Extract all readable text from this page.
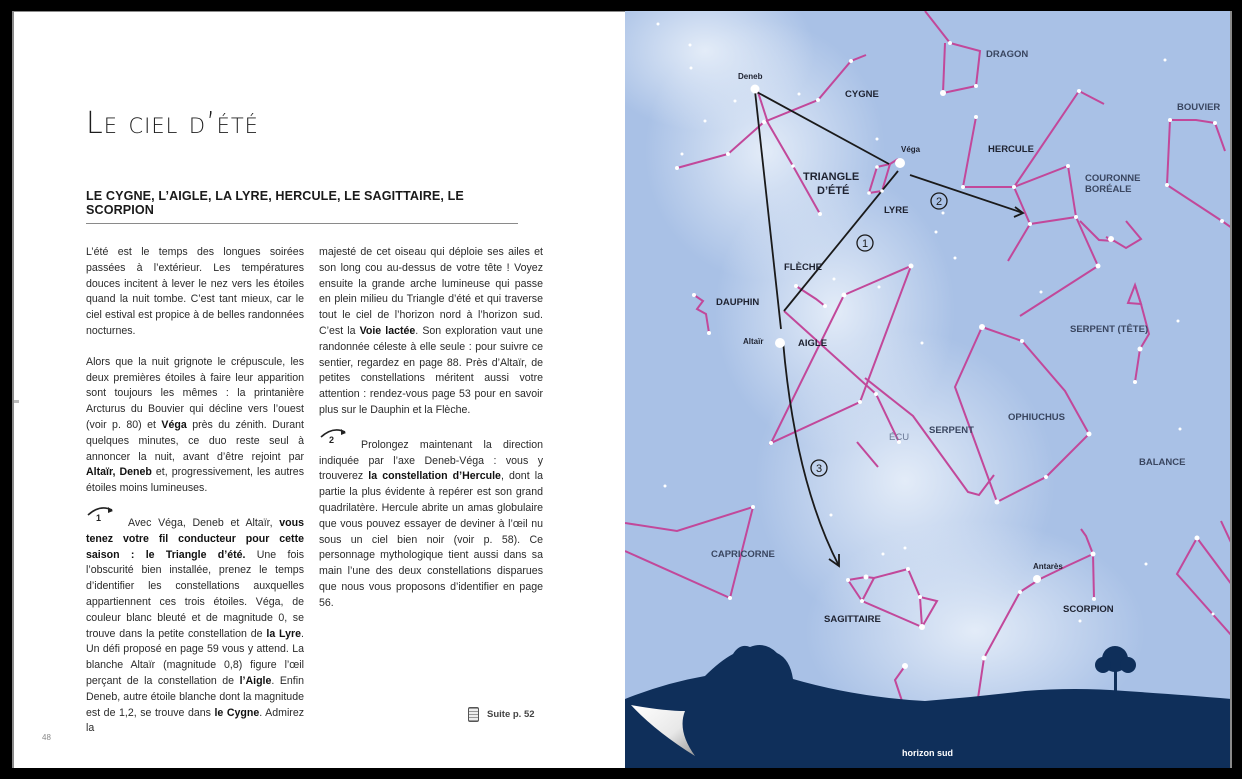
Le ciel d’été
LE CYGNE, L’AIGLE, LA LYRE, HERCULE, LE SAGITTAIRE, LE SCORPION

L’été est le temps des longues soirées passées à l’extérieur. Les températures douces incitent à lever le nez vers les étoiles quand la nuit tombe. C’est tant mieux, car le ciel estival est propice à de belles randonnées nocturnes.

Alors que la nuit grignote le crépuscule, les deux premières étoiles à faire leur apparition sont toujours les mêmes : la printanière Arcturus du Bouvier qui décline vers l’ouest (voir p. 80) et Véga près du zénith. Durant quelques minutes, ce duo reste seul à annoncer la nuit, avant d’être rejoint par Altaïr, Deneb et, progressivement, les autres étoiles moins lumineuses.

1	Avec Véga, Deneb et Altaïr, vous tenez votre fil conducteur pour cette saison : le Triangle d’été. Une fois l’obscurité bien installée, prenez le temps d’identifier les constellations auxquelles appartiennent ces trois étoiles. Véga, de couleur blanc bleuté et de magnitude 0, se trouve dans la petite constellation de la Lyre. Un défi proposé en page 59 vous y attend. La blanche Altaïr (magnitude 0,8) figure l’œil perçant de la constellation de l’Aigle. Enfin Deneb, autre étoile blanche dont la magnitude est de 1,2, se trouve dans le Cygne. Admirez la

majesté de cet oiseau qui déploie ses ailes et son long cou au-dessus de votre tête ! Voyez ensuite la grande arche lumineuse qui passe en plein milieu du Triangle d’été et qui traverse tout le ciel de l’horizon nord à l’horizon sud. C’est la Voie lactée. Son exploration vaut une randonnée céleste à elle seule : pour suivre ce sentier, regardez en page 88. Près d’Altaïr, de petites constellations méritent aussi votre attention : rendez-vous page 53 pour en savoir plus sur le Dauphin et la Flèche.

2	Prolongez maintenant la direction indiquée par l’axe Deneb-Véga : vous y trouverez la constellation d’Hercule, dont la partie la plus évidente à repérer est son grand quadrilatère. Hercule abrite un amas globulaire que vous pouvez essayer de deviner à l’œil nu sous un ciel bien noir (voir p. 58). Ce personnage mythologique tient aussi dans sa main l’une des deux constellations disparues que nous vous proposons d’identifier en page 56.

Suite p. 52
48
1
2
3
Deneb
Véga
Altaïr
Antarès
DRAGON
CYGNE
BOUVIER
HERCULE
COURONNE
BORÉALE
TRIANGLE
D’ÉTÉ
LYRE
FLÈCHE
DAUPHIN
AIGLE
SERPENT (TÊTE)
OPHIUCHUS
ÉCU
SERPENT
BALANCE
CAPRICORNE
SAGITTAIRE
SCORPION
horizon sud
